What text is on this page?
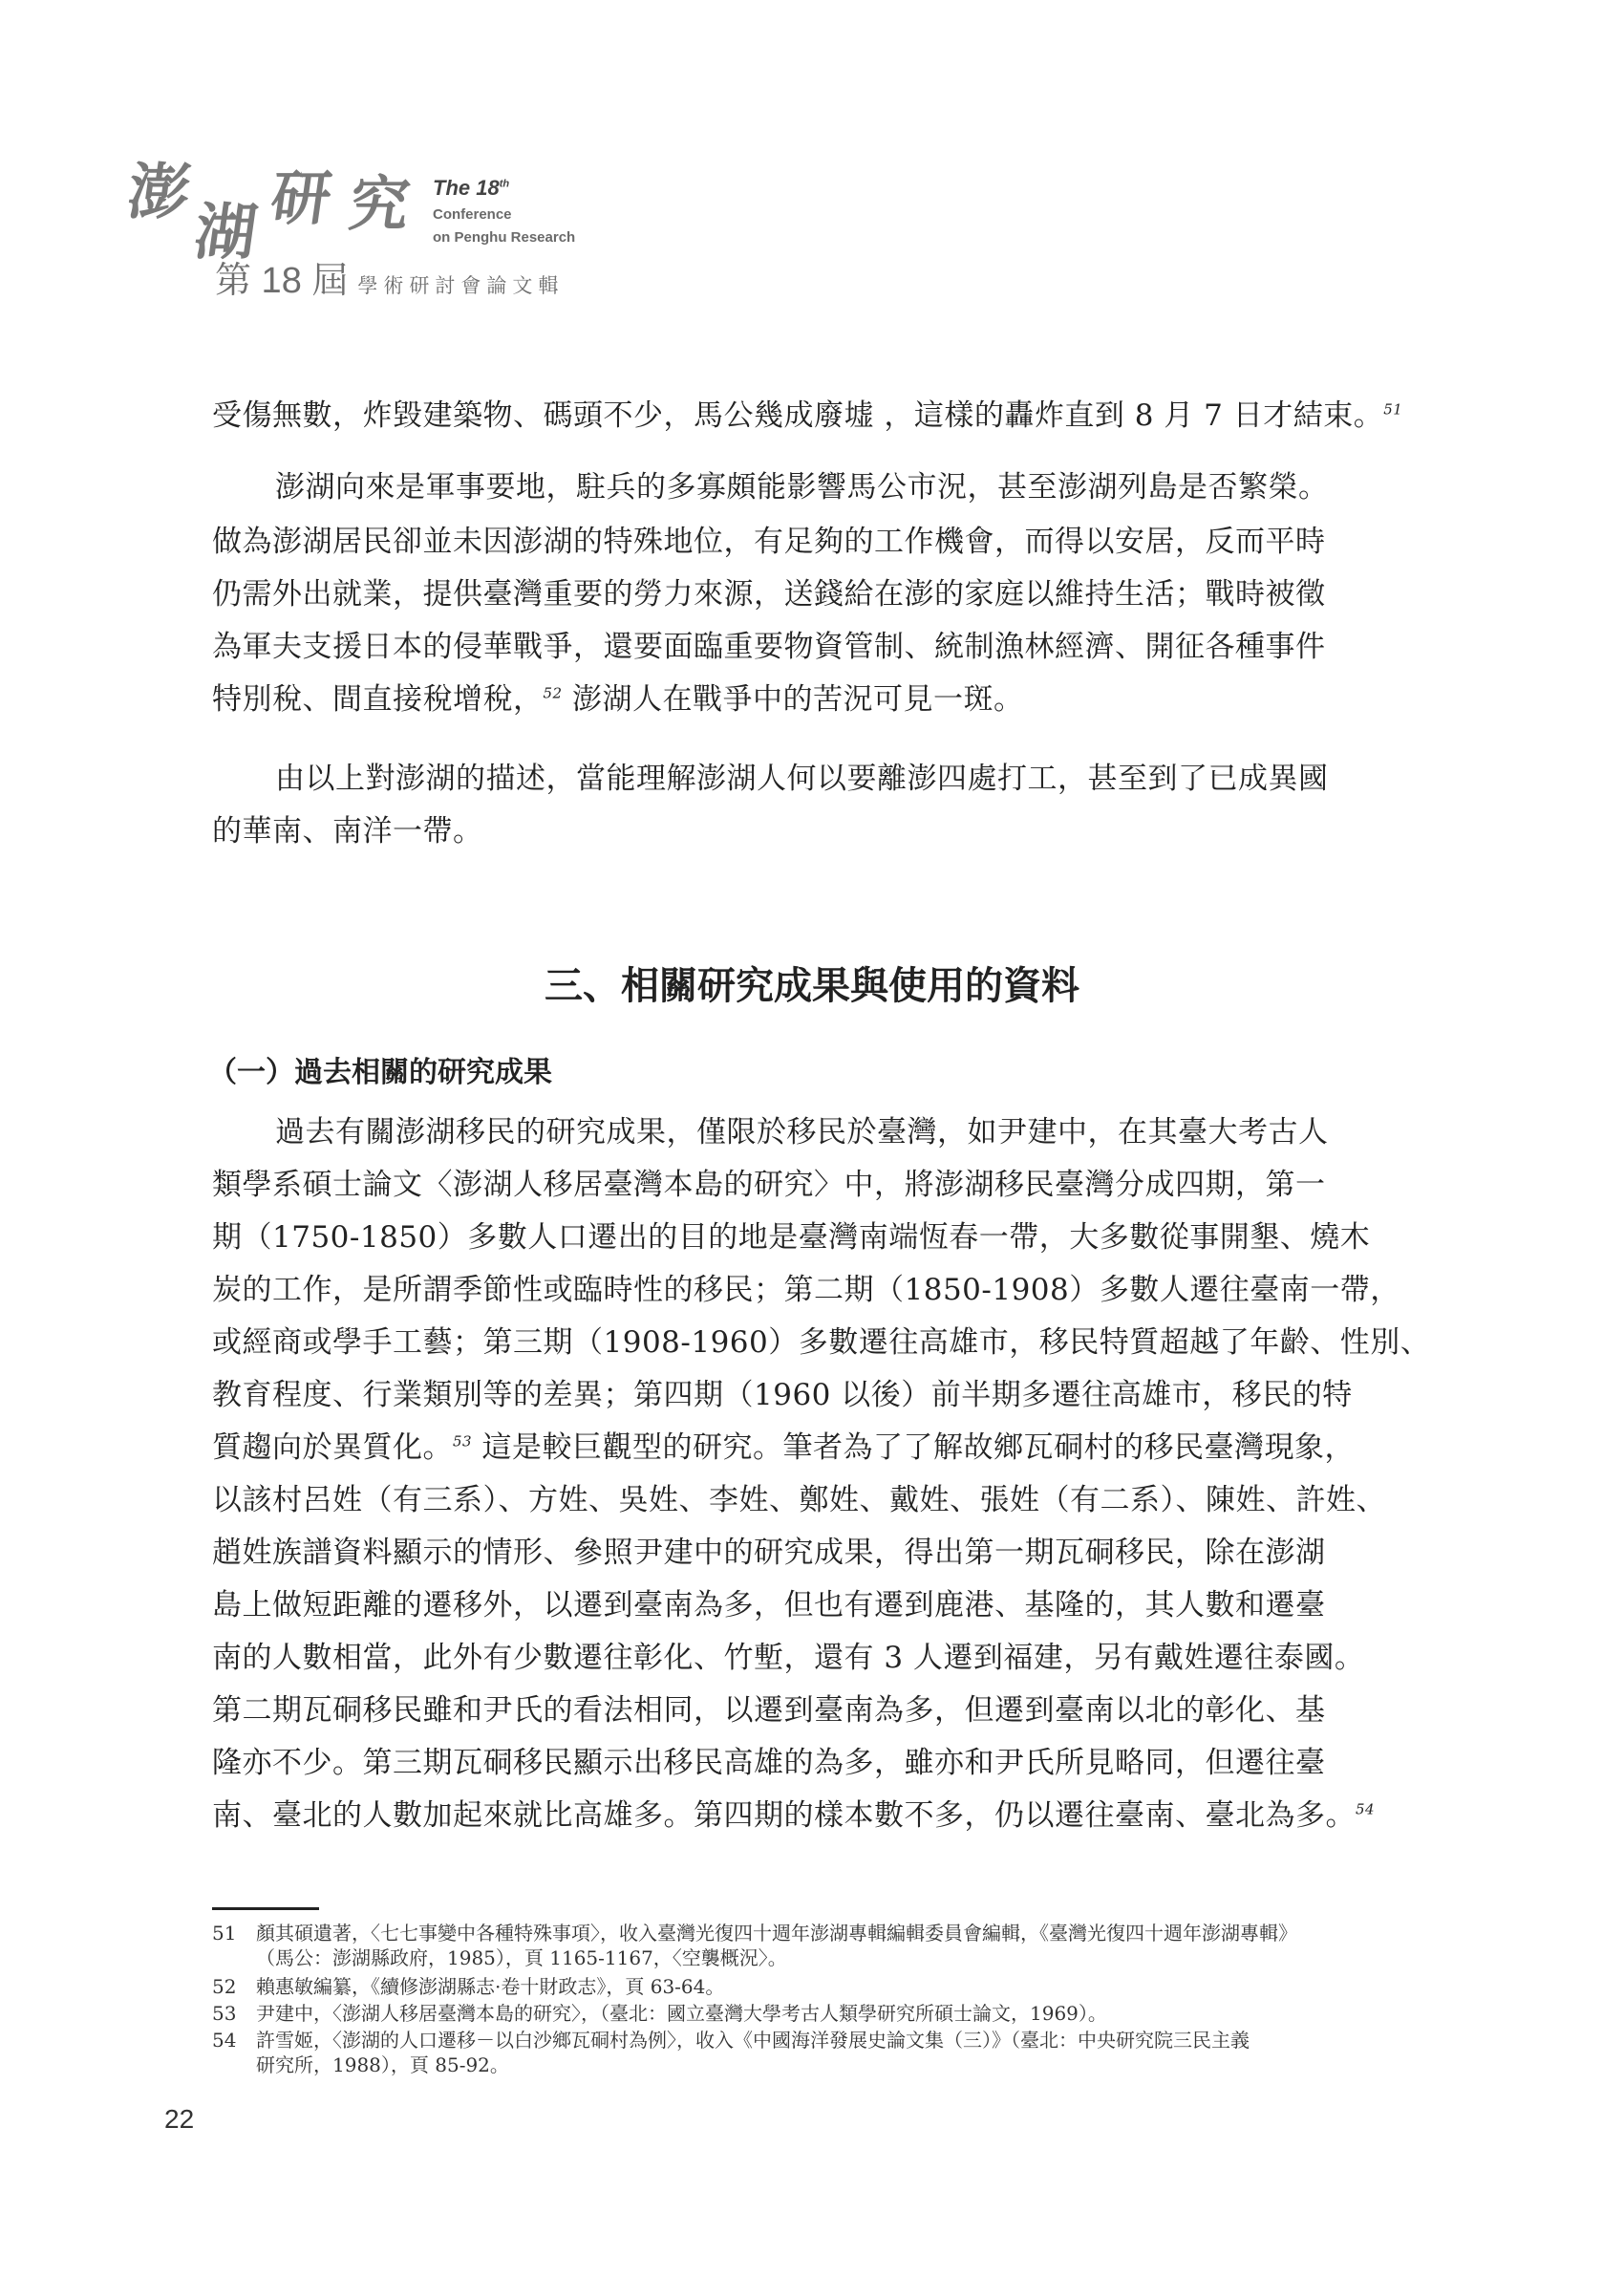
澎
湖 研 究 The 18th
Conference
on Penghu Research
第 18 屆 學術研討會論文輯
受傷無數，炸毀建築物、碼頭不少，馬公幾成廢墟 ，這樣的轟炸直到 8 月 7 日才結束。$^{51}$
澎湖向來是軍事要地，駐兵的多寡頗能影響馬公市況，甚至澎湖列島是否繁榮。
做為澎湖居民卻並未因澎湖的特殊地位，有足夠的工作機會，而得以安居，反而平時
仍需外出就業，提供臺灣重要的勞力來源，送錢給在澎的家庭以維持生活；戰時被徵
為軍夫支援日本的侵華戰爭，還要面臨重要物資管制、統制漁林經濟、開征各種事件
特別稅、間直接稅增稅，$^{52}$ 澎湖人在戰爭中的苦況可見一斑。
由以上對澎湖的描述，當能理解澎湖人何以要離澎四處打工，甚至到了已成異國
的華南、南洋一帶。
三、相關研究成果與使用的資料
（一）過去相關的研究成果
過去有關澎湖移民的研究成果，僅限於移民於臺灣，如尹建中，在其臺大考古人
類學系碩士論文〈澎湖人移居臺灣本島的研究〉中，將澎湖移民臺灣分成四期，第一
期（1750-1850）多數人口遷出的目的地是臺灣南端恆春一帶，大多數從事開墾、燒木
炭的工作，是所謂季節性或臨時性的移民；第二期（1850-1908）多數人遷往臺南一帶，
或經商或學手工藝；第三期（1908-1960）多數遷往高雄市，移民特質超越了年齡、性別、
教育程度、行業類別等的差異；第四期（1960 以後）前半期多遷往高雄市，移民的特
質趨向於異質化。$^{53}$ 這是較巨觀型的研究。筆者為了了解故鄉瓦硐村的移民臺灣現象，
以該村呂姓（有三系）、方姓、吳姓、李姓、鄭姓、戴姓、張姓（有二系）、陳姓、許姓、
趙姓族譜資料顯示的情形、參照尹建中的研究成果，得出第一期瓦硐移民，除在澎湖
島上做短距離的遷移外，以遷到臺南為多，但也有遷到鹿港、基隆的，其人數和遷臺
南的人數相當，此外有少數遷往彰化、竹塹，還有 3 人遷到福建，另有戴姓遷往泰國。
第二期瓦硐移民雖和尹氏的看法相同，以遷到臺南為多，但遷到臺南以北的彰化、基
隆亦不少。第三期瓦硐移民顯示出移民高雄的為多，雖亦和尹氏所見略同，但遷往臺
南、臺北的人數加起來就比高雄多。第四期的樣本數不多，仍以遷往臺南、臺北為多。$^{54}$
51 顏其碩遺著，〈七七事變中各種特殊事項〉，收入臺灣光復四十週年澎湖專輯編輯委員會編輯，《臺灣光復四十週年澎湖專輯》
（馬公：澎湖縣政府，1985），頁 1165-1167，〈空襲概況〉。
52 賴惠敏編纂，《續修澎湖縣志·卷十財政志》，頁 63-64。
53 尹建中，〈澎湖人移居臺灣本島的研究〉，（臺北：國立臺灣大學考古人類學研究所碩士論文，1969）。
54 許雪姬，〈澎湖的人口遷移－以白沙鄉瓦硐村為例〉，收入《中國海洋發展史論文集（三）》（臺北：中央研究院三民主義
研究所，1988），頁 85-92。
22
